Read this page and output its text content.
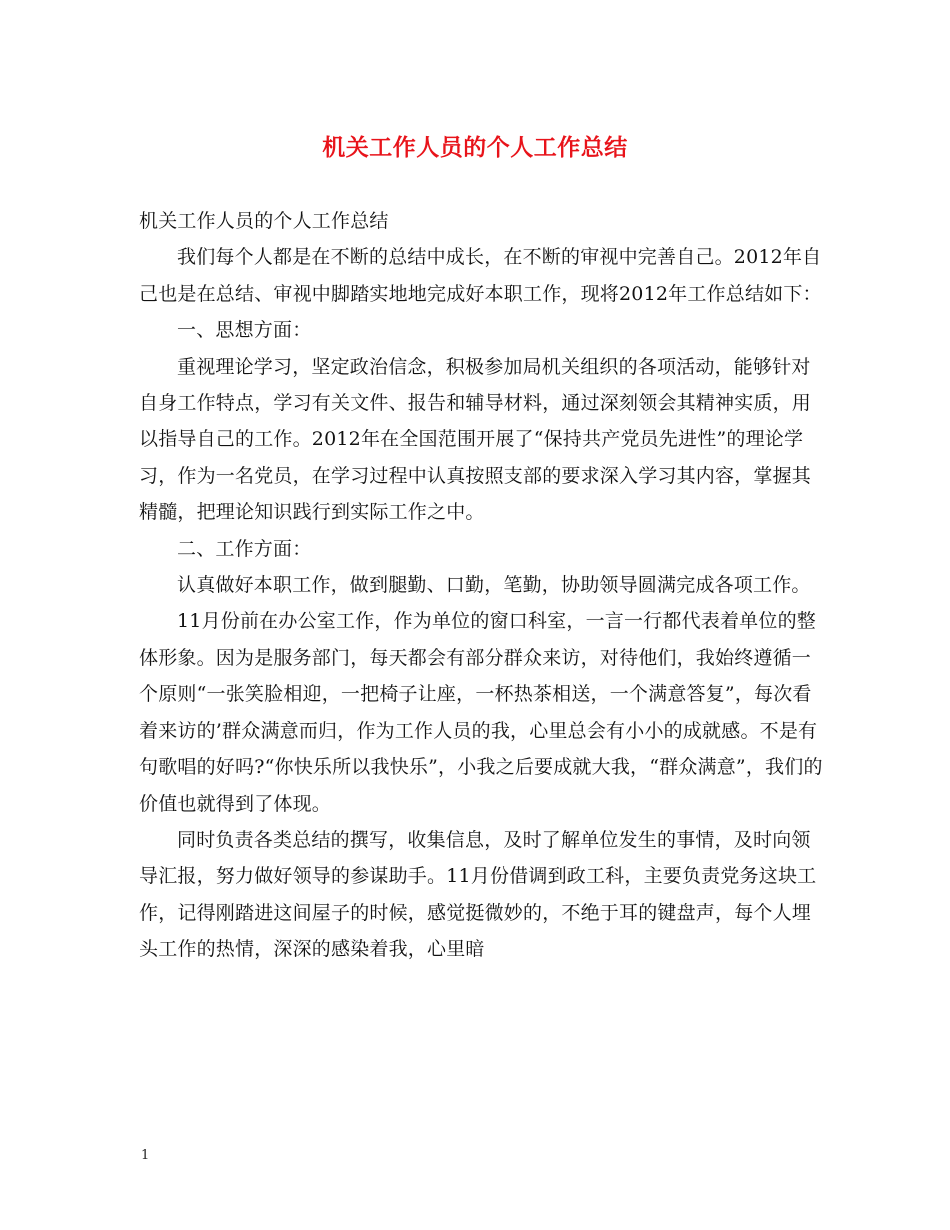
机关工作人员的个人工作总结

机关工作人员的个人工作总结

我们每个人都是在不断的总结中成长，在不断的审视中完善自己。2012年自己也是在总结、审视中脚踏实地地完成好本职工作，现将2012年工作总结如下：

一、思想方面：

重视理论学习，坚定政治信念，积极参加局机关组织的各项活动，能够针对自身工作特点，学习有关文件、报告和辅导材料，通过深刻领会其精神实质，用以指导自己的工作。2012年在全国范围开展了“保持共产党员先进性”的理论学习，作为一名党员，在学习过程中认真按照支部的要求深入学习其内容，掌握其精髓，把理论知识践行到实际工作之中。

二、工作方面：

认真做好本职工作，做到腿勤、口勤，笔勤，协助领导圆满完成各项工作。

11月份前在办公室工作，作为单位的窗口科室，一言一行都代表着单位的整体形象。因为是服务部门，每天都会有部分群众来访，对待他们，我始终遵循一个原则“一张笑脸相迎，一把椅子让座，一杯热茶相送，一个满意答复”，每次看着来访的’群众满意而归，作为工作人员的我，心里总会有小小的成就感。不是有句歌唱的好吗?“你快乐所以我快乐”，小我之后要成就大我，“群众满意”，我们的价值也就得到了体现。

同时负责各类总结的撰写，收集信息，及时了解单位发生的事情，及时向领导汇报，努力做好领导的参谋助手。11月份借调到政工科，主要负责党务这块工作，记得刚踏进这间屋子的时候，感觉挺微妙的，不绝于耳的键盘声，每个人埋头工作的热情，深深的感染着我，心里暗

1
